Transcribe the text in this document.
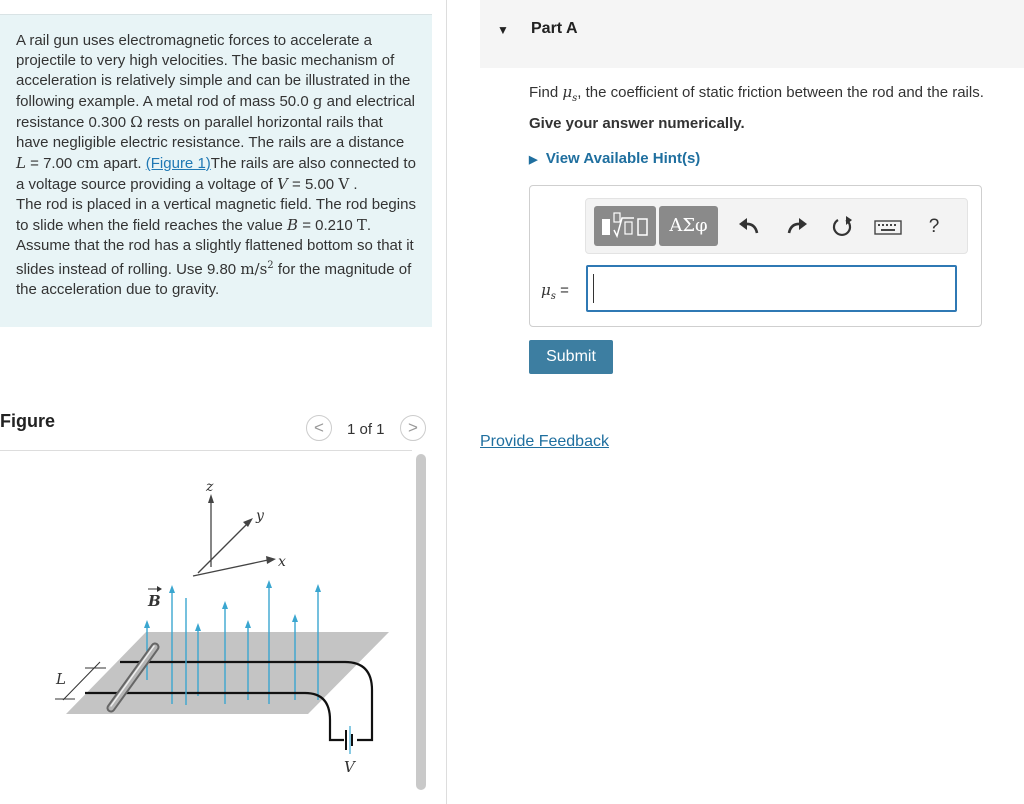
A rail gun uses electromagnetic forces to accelerate a projectile to very high velocities. The basic mechanism of acceleration is relatively simple and can be illustrated in the following example. A metal rod of mass 50.0 g and electrical resistance 0.300 Ω rests on parallel horizontal rails that have negligible electric resistance. The rails are a distance L = 7.00 cm apart. (Figure 1)The rails are also connected to a voltage source providing a voltage of V = 5.00 V .
The rod is placed in a vertical magnetic field. The rod begins to slide when the field reaches the value B = 0.210 T. Assume that the rod has a slightly flattened bottom so that it slides instead of rolling. Use 9.80 $m/s^2$ for the magnitude of the acceleration due to gravity.
Figure	<	1 of 1	>
z
y
x
V
B
L
▼ Part A
Find $\mu_s$, the coefficient of static friction between the rod and the rails.
Give your answer numerically.
▶ View Available Hint(s)
ΑΣφ	?
$\mu_s$ =
Submit
Provide Feedback
